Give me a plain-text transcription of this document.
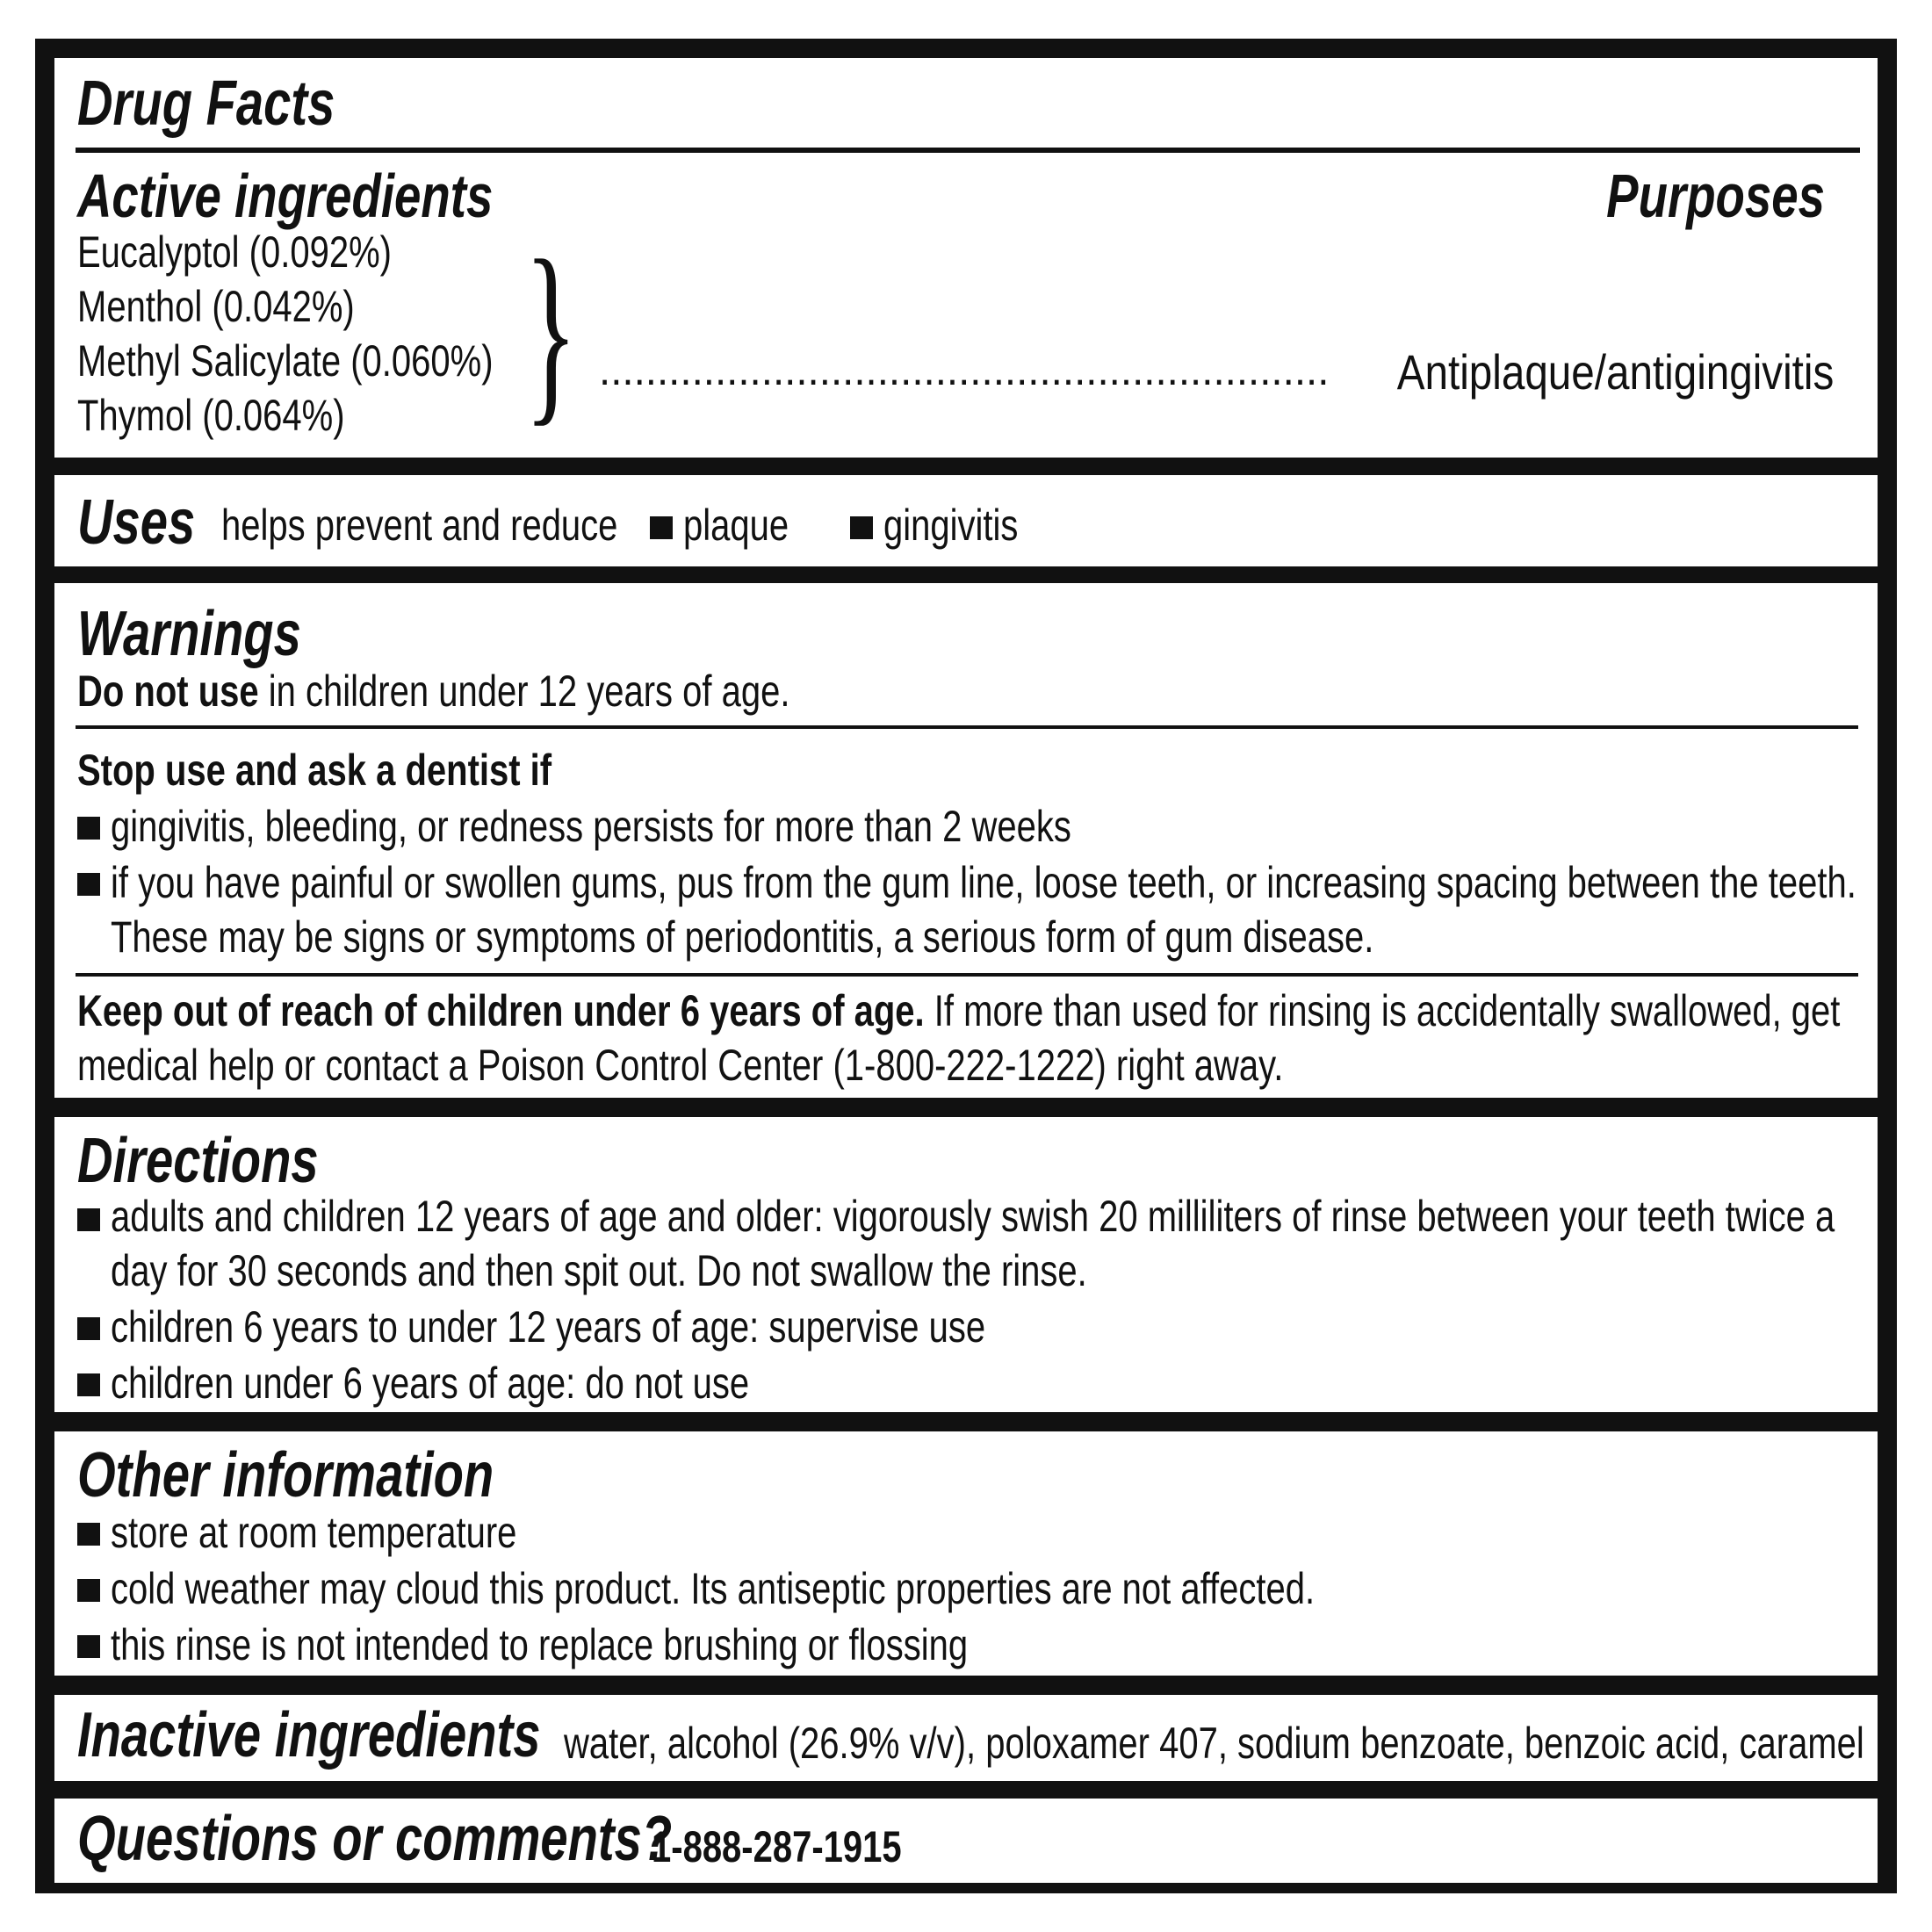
Drug Facts
Active ingredients	Purposes
Eucalyptol (0.092%)
Menthol (0.042%)
Methyl Salicylate (0.060%)
Thymol (0.064%) } ...............................................................	Antiplaque/antigingivitis
Uses helps prevent and reduce	plaque	gingivitis
Warnings
Do not use in children under 12 years of age.
Stop use and ask a dentist if
gingivitis, bleeding, or redness persists for more than 2 weeks
if you have painful or swollen gums, pus from the gum line, loose teeth, or increasing spacing between the teeth.
These may be signs or symptoms of periodontitis, a serious form of gum disease.
Keep out of reach of children under 6 years of age. If more than used for rinsing is accidentally swallowed, get
medical help or contact a Poison Control Center (1-800-222-1222) right away.
Directions
adults and children 12 years of age and older: vigorously swish 20 milliliters of rinse between your teeth twice a
day for 30 seconds and then spit out. Do not swallow the rinse.
children 6 years to under 12 years of age: supervise use
children under 6 years of age: do not use
Other information
store at room temperature
cold weather may cloud this product. Its antiseptic properties are not affected.
this rinse is not intended to replace brushing or flossing
Inactive ingredients water, alcohol (26.9% v/v), poloxamer 407, sodium benzoate, benzoic acid, caramel
Questions or comments?
1-888-287-1915
